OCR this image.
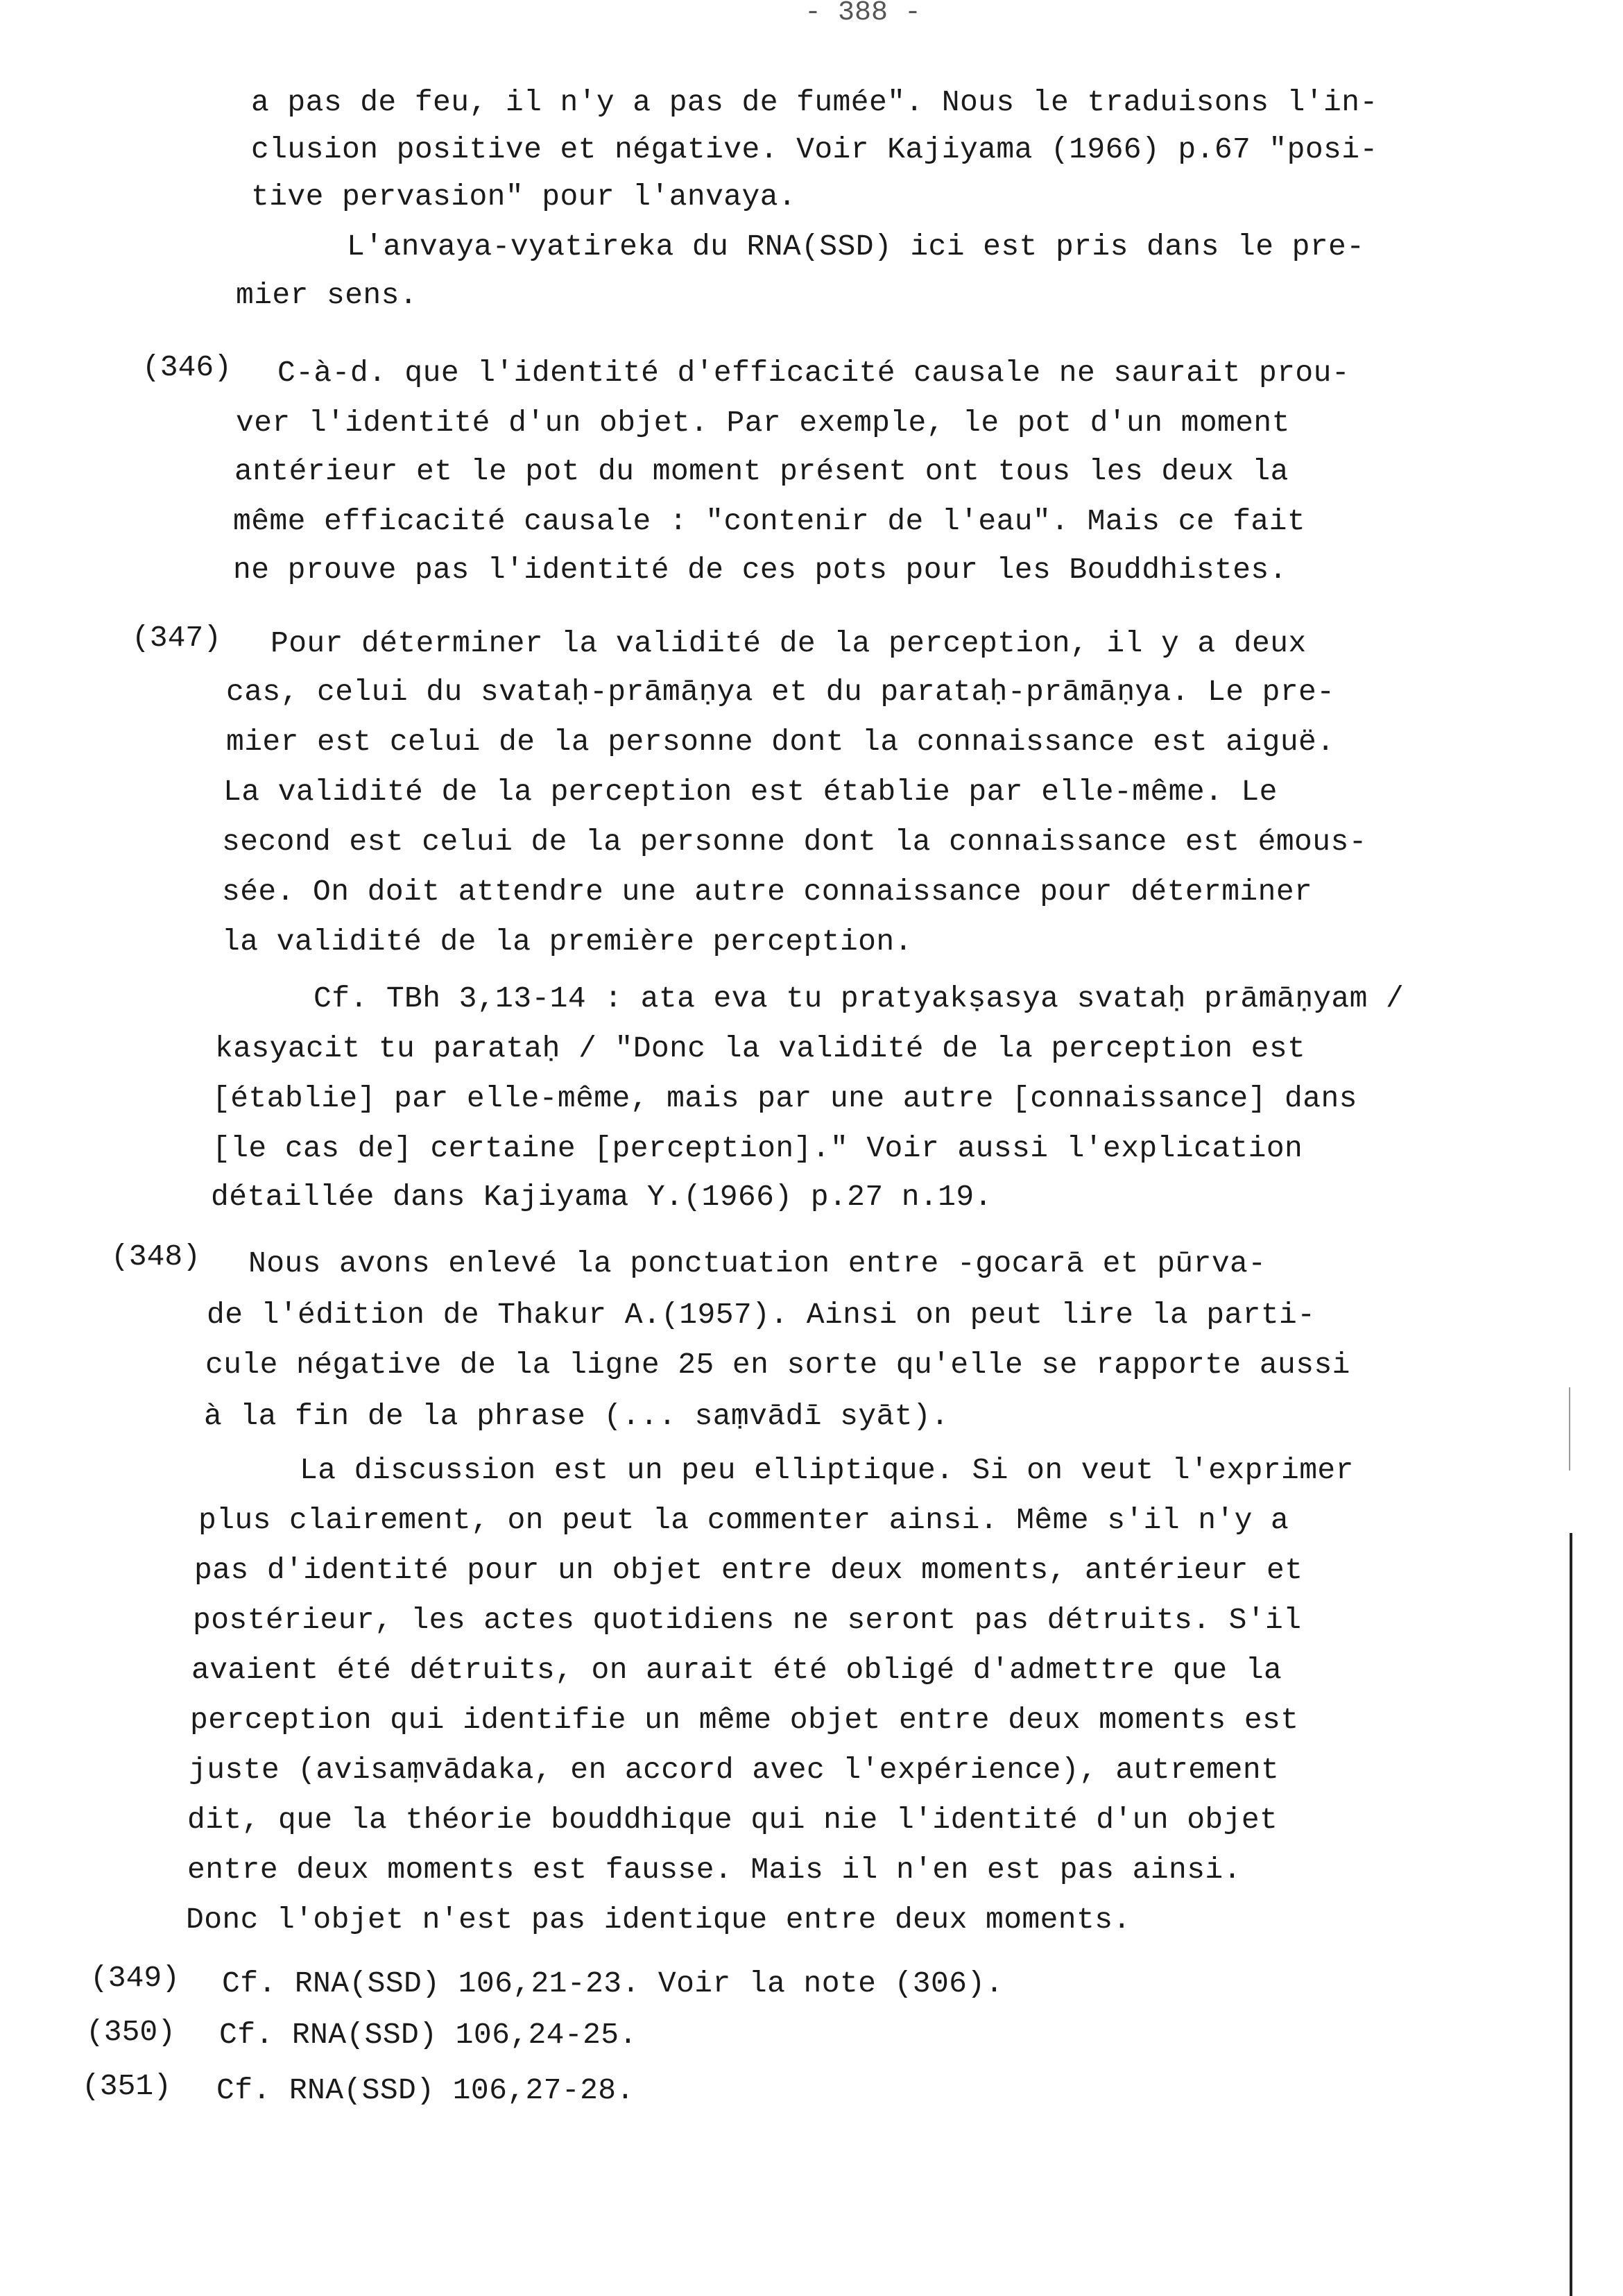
- 388 -
a pas de feu, il n'y a pas de fumée". Nous le traduisons l'in-
clusion positive et négative. Voir Kajiyama (1966) p.67 "posi-
tive pervasion" pour l'anvaya.
L'anvaya-vyatireka du RNA(SSD) ici est pris dans le pre-
mier sens.
(346) C-à-d. que l'identité d'efficacité causale ne saurait prou-
ver l'identité d'un objet. Par exemple, le pot d'un moment
antérieur et le pot du moment présent ont tous les deux la
même efficacité causale : "contenir de l'eau". Mais ce fait
ne prouve pas l'identité de ces pots pour les Bouddhistes.
(347) Pour déterminer la validité de la perception, il y a deux
cas, celui du svataḥ-prāmāṇya et du parataḥ-prāmāṇya. Le pre-
mier est celui de la personne dont la connaissance est aiguë.
La validité de la perception est établie par elle-même. Le
second est celui de la personne dont la connaissance est émous-
sée. On doit attendre une autre connaissance pour déterminer
la validité de la première perception.
Cf. TBh 3,13-14 : ata eva tu pratyakṣasya svataḥ prāmāṇyam /
kasyacit tu parataḥ / "Donc la validité de la perception est
[établie] par elle-même, mais par une autre [connaissance] dans
[le cas de] certaine [perception]." Voir aussi l'explication
détaillée dans Kajiyama Y.(1966) p.27 n.19.
(348) Nous avons enlevé la ponctuation entre -gocarā et pūrva-
de l'édition de Thakur A.(1957). Ainsi on peut lire la parti-
cule négative de la ligne 25 en sorte qu'elle se rapporte aussi
à la fin de la phrase (... saṃvādī syāt).
La discussion est un peu elliptique. Si on veut l'exprimer
plus clairement, on peut la commenter ainsi. Même s'il n'y a
pas d'identité pour un objet entre deux moments, antérieur et
postérieur, les actes quotidiens ne seront pas détruits. S'il
avaient été détruits, on aurait été obligé d'admettre que la
perception qui identifie un même objet entre deux moments est
juste (avisaṃvādaka, en accord avec l'expérience), autrement
dit, que la théorie bouddhique qui nie l'identité d'un objet
entre deux moments est fausse. Mais il n'en est pas ainsi.
Donc l'objet n'est pas identique entre deux moments.
(349) Cf. RNA(SSD) 106,21-23. Voir la note (306).
(350) Cf. RNA(SSD) 106,24-25.
(351) Cf. RNA(SSD) 106,27-28.
